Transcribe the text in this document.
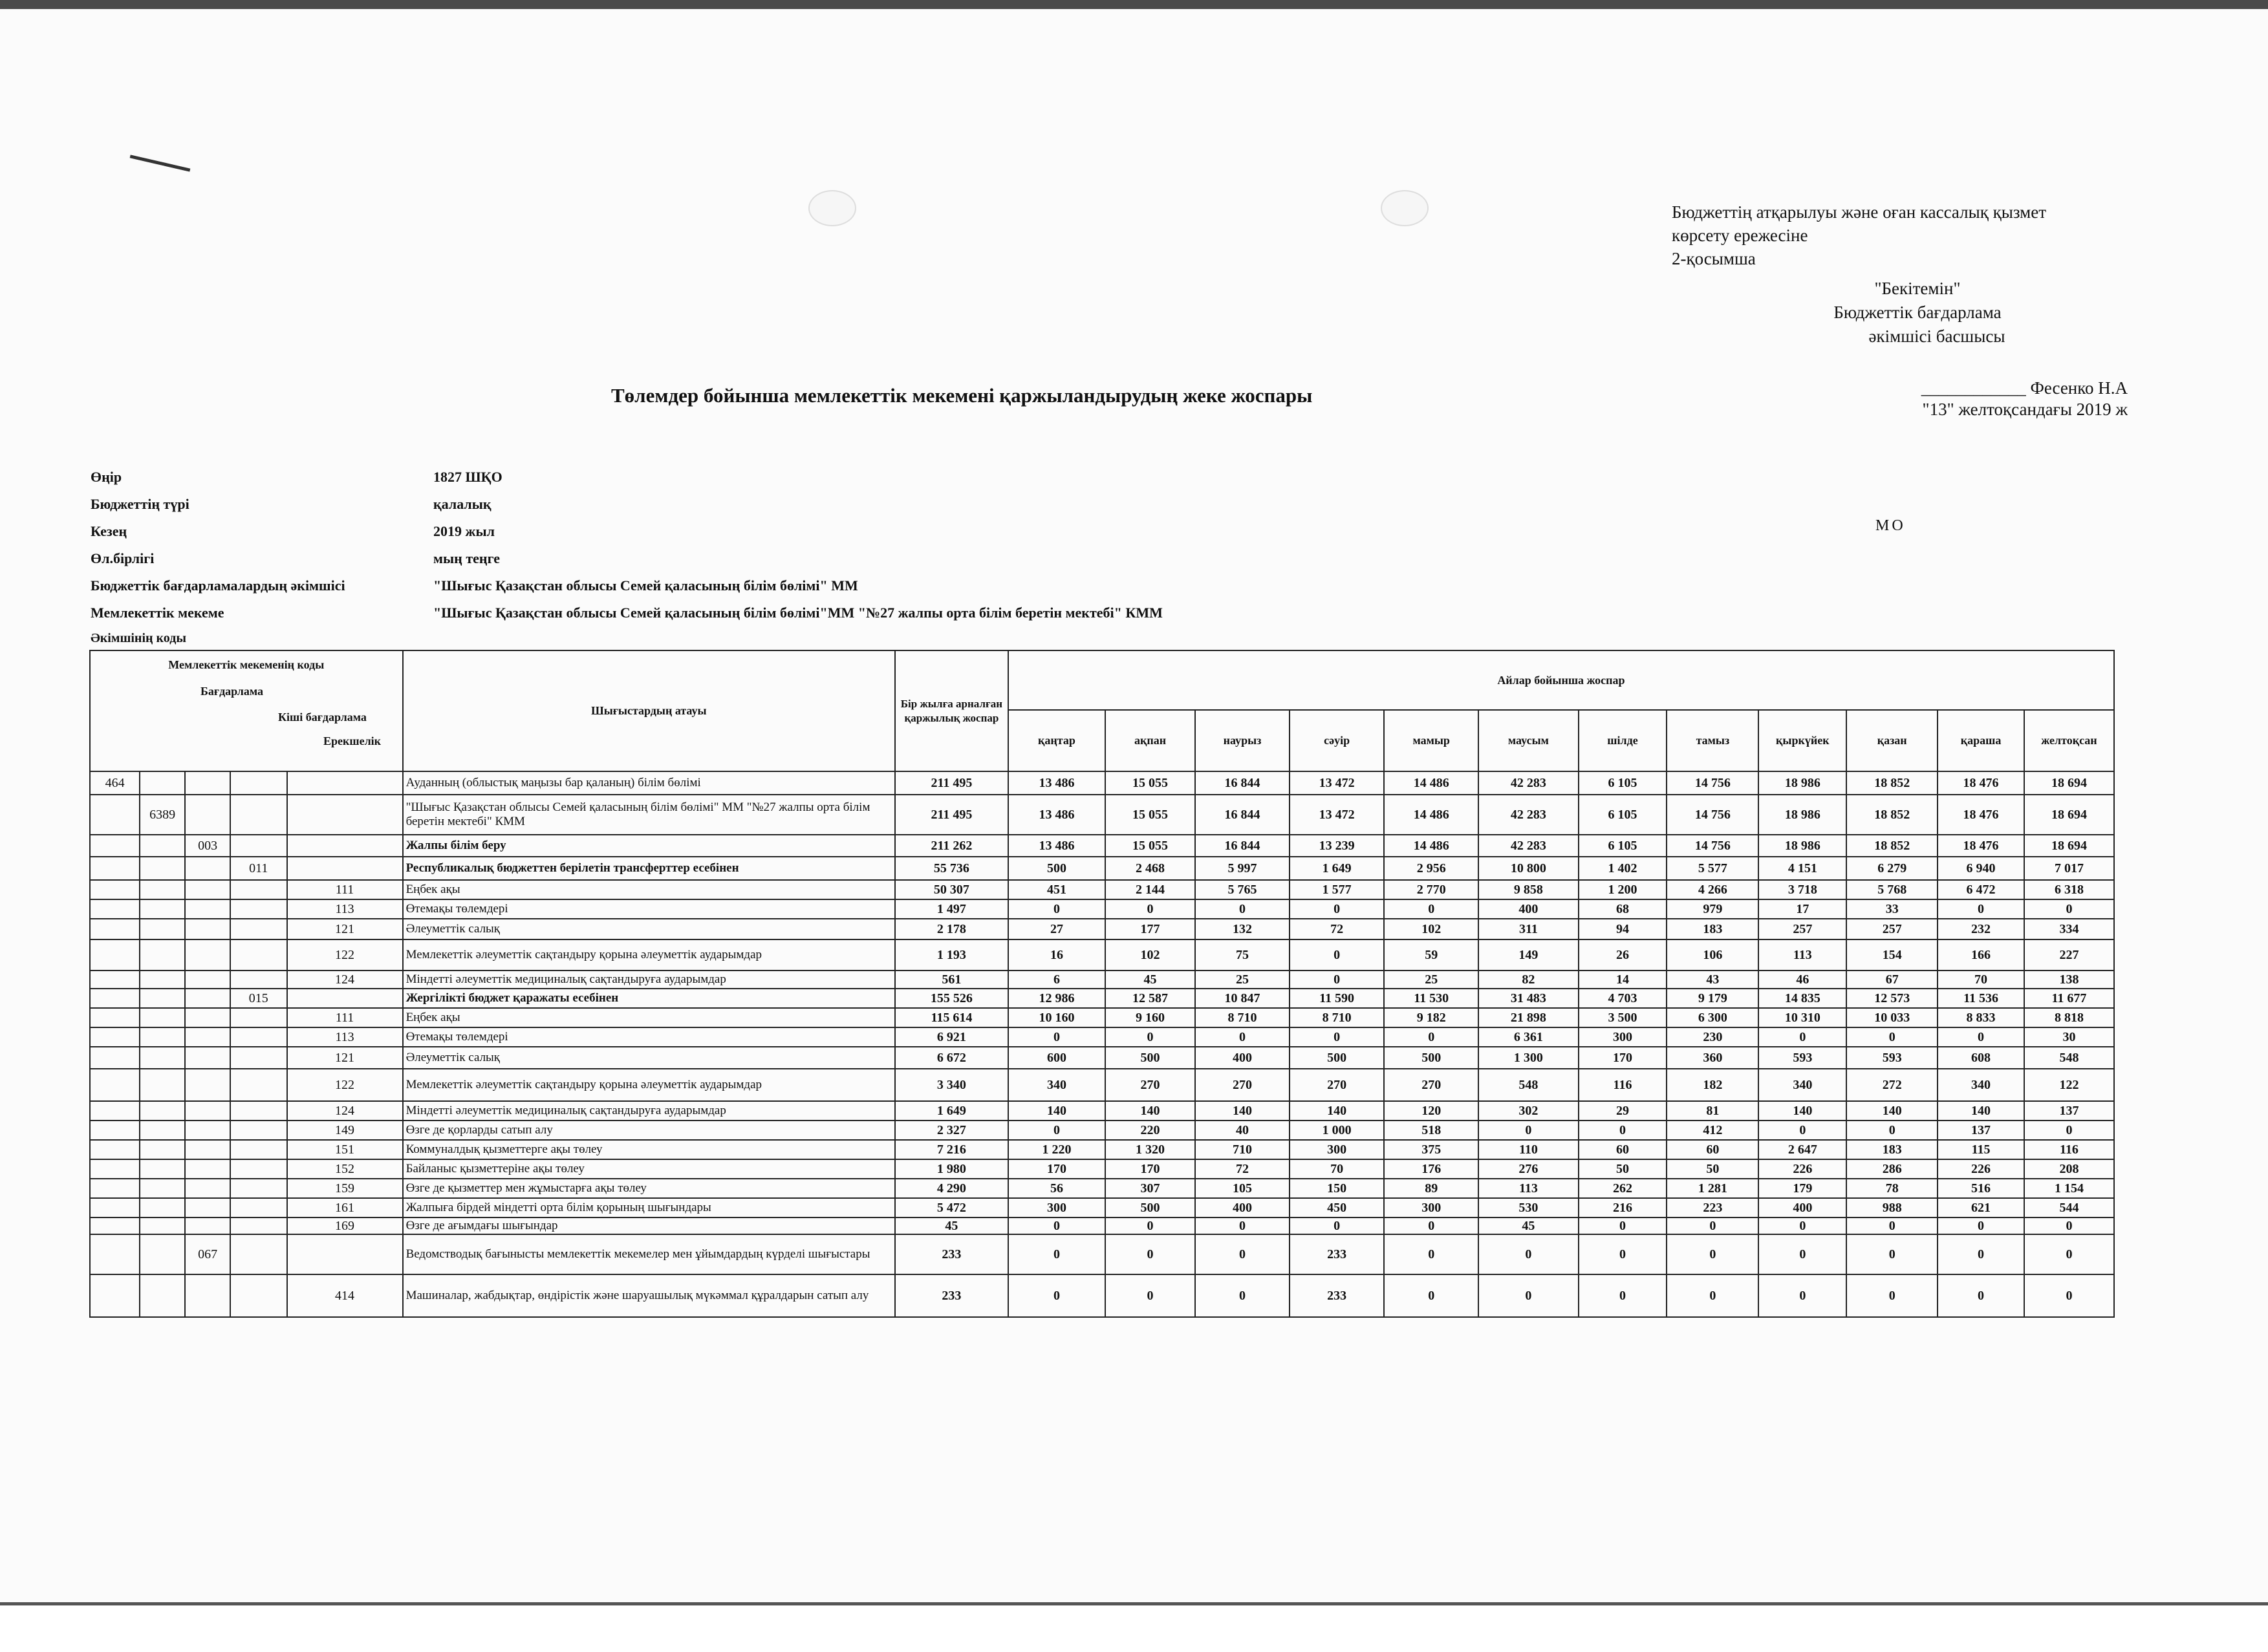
Бюджеттің атқарылуы және оған кассалық қызмет
көрсету ережесіне
2-қосымша
"Бекітемін"
Бюджеттік бағдарлама
әкімшісі басшысы
____________ Фесенко Н.А
"13" желтоқсандағы 2019 ж
Төлемдер бойынша мемлекеттік мекемені қаржыландырудың жеке жоспары
Өңір	1827 ШҚО
Бюджеттің түрі	қалалық
Кезең	2019 жыл
Өл.бірлігі	мың теңге
Бюджеттік бағдарламалардың әкімшісі	"Шығыс Қазақстан облысы Семей қаласының білім бөлімі" ММ
Мемлекеттік мекеме	"Шығыс Қазақстан облысы Семей қаласының білім бөлімі"ММ "№27 жалпы орта білім беретін мектебі" КММ
МО
Әкімшінің коды
Мемлекеттік мекеменің коды
Бағдарлама
Кіші бағдарлама
Ерекшелік					Шығыстардың атауы	Бір жылға арналған қаржылық жоспар	Айлар бойынша жоспар											
							қаңтар	ақпан	наурыз	сәуір	мамыр	маусым	шілде	тамыз	қыркүйек	қазан	қараша	желтоқсан
464					Ауданның (облыстық маңызы бар қаланың) білім бөлімі	211 495	13 486	15 055	16 844	13 472	14 486	42 283	6 105	14 756	18 986	18 852	18 476	18 694
	6389				"Шығыс Қазақстан облысы Семей қаласының білім бөлімі" ММ "№27 жалпы орта білім беретін мектебі" КММ	211 495	13 486	15 055	16 844	13 472	14 486	42 283	6 105	14 756	18 986	18 852	18 476	18 694
		003			Жалпы білім беру	211 262	13 486	15 055	16 844	13 239	14 486	42 283	6 105	14 756	18 986	18 852	18 476	18 694
			011		Республикалық бюджеттен берілетін трансферттер есебінен	55 736	500	2 468	5 997	1 649	2 956	10 800	1 402	5 577	4 151	6 279	6 940	7 017
				111	Еңбек ақы	50 307	451	2 144	5 765	1 577	2 770	9 858	1 200	4 266	3 718	5 768	6 472	6 318
				113	Өтемақы төлемдері	1 497	0	0	0	0	0	400	68	979	17	33	0	0
				121	Әлеуметтік салық	2 178	27	177	132	72	102	311	94	183	257	257	232	334
				122	Мемлекеттік әлеуметтік сақтандыру қорына әлеуметтік аударымдар	1 193	16	102	75	0	59	149	26	106	113	154	166	227
				124	Міндетті әлеуметтік медициналық сақтандыруға аударымдар	561	6	45	25	0	25	82	14	43	46	67	70	138
			015		Жергілікті бюджет қаражаты есебінен	155 526	12 986	12 587	10 847	11 590	11 530	31 483	4 703	9 179	14 835	12 573	11 536	11 677
				111	Еңбек ақы	115 614	10 160	9 160	8 710	8 710	9 182	21 898	3 500	6 300	10 310	10 033	8 833	8 818
				113	Өтемақы төлемдері	6 921	0	0	0	0	0	6 361	300	230	0	0	0	30
				121	Әлеуметтік салық	6 672	600	500	400	500	500	1 300	170	360	593	593	608	548
				122	Мемлекеттік әлеуметтік сақтандыру қорына әлеуметтік аударымдар	3 340	340	270	270	270	270	548	116	182	340	272	340	122
				124	Міндетті әлеуметтік медициналық сақтандыруға аударымдар	1 649	140	140	140	140	120	302	29	81	140	140	140	137
				149	Өзге де қорларды сатып алу	2 327	0	220	40	1 000	518	0	0	412	0	0	137	0
				151	Коммуналдық қызметтерге ақы төлеу	7 216	1 220	1 320	710	300	375	110	60	60	2 647	183	115	116
				152	Байланыс қызметтеріне ақы төлеу	1 980	170	170	72	70	176	276	50	50	226	286	226	208
				159	Өзге де қызметтер мен жұмыстарға ақы төлеу	4 290	56	307	105	150	89	113	262	1 281	179	78	516	1 154
				161	Жалпыға бірдей міндетті орта білім қорының шығындары	5 472	300	500	400	450	300	530	216	223	400	988	621	544
				169	Өзге де ағымдағы шығындар	45	0	0	0	0	0	45	0	0	0	0	0	0
		067			Ведомстводық бағынысты мемлекеттік мекемелер мен ұйымдардың күрделі шығыстары	233	0	0	0	233	0	0	0	0	0	0	0	0
				414	Машиналар, жабдықтар, өндірістік және шаруашылық мүкәммал құралдарын сатып алу	233	0	0	0	233	0	0	0	0	0	0	0	0
